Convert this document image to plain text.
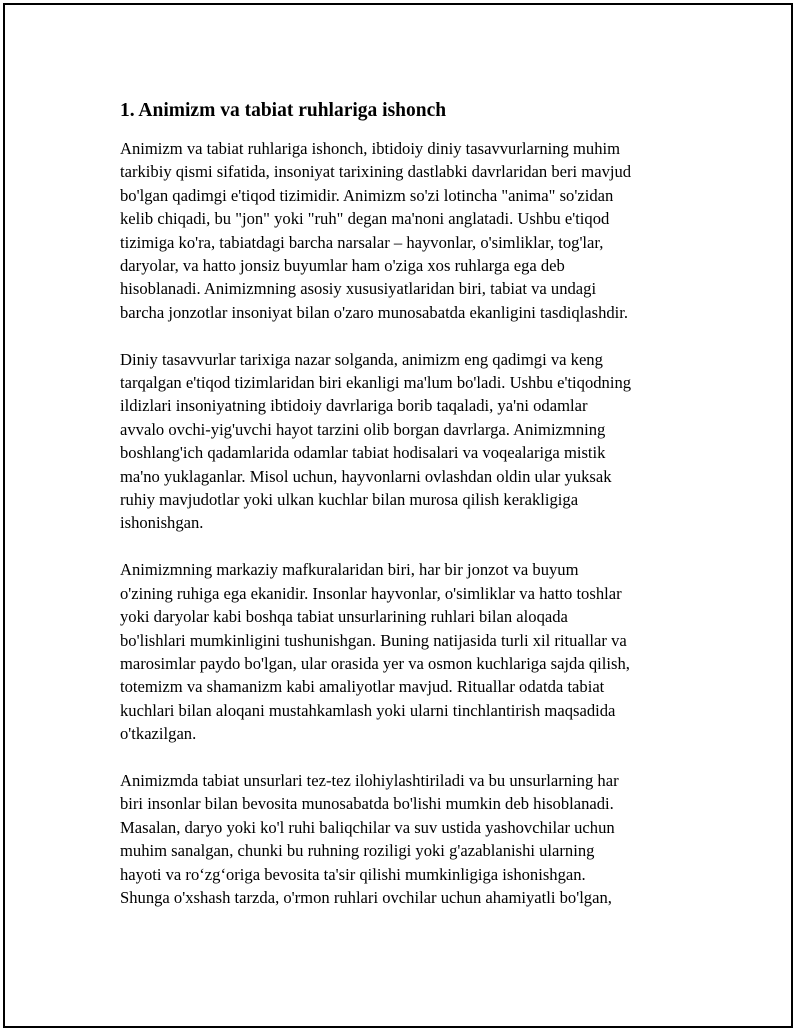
1. Animizm va tabiat ruhlariga ishonch

Animizm va tabiat ruhlariga ishonch, ibtidoiy diniy tasavvurlarning muhim
tarkibiy qismi sifatida, insoniyat tarixining dastlabki davrlaridan beri mavjud
bo'lgan qadimgi e'tiqod tizimidir. Animizm so'zi lotincha "anima" so'zidan
kelib chiqadi, bu "jon" yoki "ruh" degan ma'noni anglatadi. Ushbu e'tiqod
tizimiga ko'ra, tabiatdagi barcha narsalar – hayvonlar, o'simliklar, tog'lar,
daryolar, va hatto jonsiz buyumlar ham o'ziga xos ruhlarga ega deb
hisoblanadi. Animizmning asosiy xususiyatlaridan biri, tabiat va undagi
barcha jonzotlar insoniyat bilan o'zaro munosabatda ekanligini tasdiqlashdir.

Diniy tasavvurlar tarixiga nazar solganda, animizm eng qadimgi va keng
tarqalgan e'tiqod tizimlaridan biri ekanligi ma'lum bo'ladi. Ushbu e'tiqodning
ildizlari insoniyatning ibtidoiy davrlariga borib taqaladi, ya'ni odamlar
avvalo ovchi-yig'uvchi hayot tarzini olib borgan davrlarga. Animizmning
boshlang'ich qadamlarida odamlar tabiat hodisalari va voqealariga mistik
ma'no yuklaganlar. Misol uchun, hayvonlarni ovlashdan oldin ular yuksak
ruhiy mavjudotlar yoki ulkan kuchlar bilan murosa qilish kerakligiga
ishonishgan.

Animizmning markaziy mafkuralaridan biri, har bir jonzot va buyum
o'zining ruhiga ega ekanidir. Insonlar hayvonlar, o'simliklar va hatto toshlar
yoki daryolar kabi boshqa tabiat unsurlarining ruhlari bilan aloqada
bo'lishlari mumkinligini tushunishgan. Buning natijasida turli xil rituallar va
marosimlar paydo bo'lgan, ular orasida yer va osmon kuchlariga sajda qilish,
totemizm va shamanizm kabi amaliyotlar mavjud. Rituallar odatda tabiat
kuchlari bilan aloqani mustahkamlash yoki ularni tinchlantirish maqsadida
o'tkazilgan.

Animizmda tabiat unsurlari tez-tez ilohiylashtiriladi va bu unsurlarning har
biri insonlar bilan bevosita munosabatda bo'lishi mumkin deb hisoblanadi.
Masalan, daryo yoki ko'l ruhi baliqchilar va suv ustida yashovchilar uchun
muhim sanalgan, chunki bu ruhning roziligi yoki g'azablanishi ularning
hayoti va ro‘zg‘origa bevosita ta'sir qilishi mumkinligiga ishonishgan.
Shunga o'xshash tarzda, o'rmon ruhlari ovchilar uchun ahamiyatli bo'lgan,
